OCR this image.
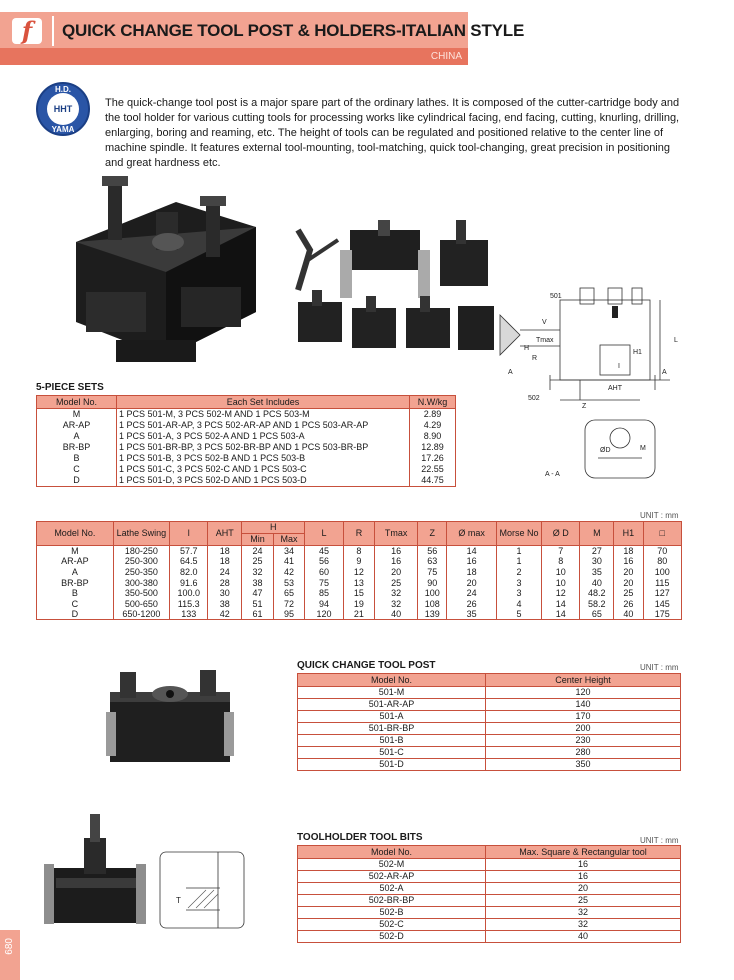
f	QUICK CHANGE TOOL POST & HOLDERS-ITALIAN STYLE
CHINA
H.D.
HHT
YAMA

The quick-change tool post is a major spare part of the ordinary lathes. It is composed of the cutter-cartridge body and the tool holder for various cutting tools for processing works like cylindrical facing, end facing, cutting, knurling, drilling, enlarging, boring and reaming, etc. The height of tools can be regulated and positioned relative to the center line of machine spindle. It features external tool-mounting, tool-matching, quick tool-changing, great precision in positioning and great hardness etc.

501
502
V
H
R
Tmax	L
H1
I
Z
A	A
AHT
A - A
ØD	M
5-PIECE SETS
Model No.	Each Set Includes	N.W/kg
M	1 PCS 501-M, 3 PCS 502-M AND 1 PCS 503-M	2.89
AR-AP	1 PCS 501-AR-AP, 3 PCS 502-AR-AP AND 1 PCS 503-AR-AP	4.29
A	1 PCS 501-A, 3 PCS 502-A AND 1 PCS 503-A	8.90
BR-BP	1 PCS 501-BR-BP, 3 PCS 502-BR-BP AND 1 PCS 503-BR-BP	12.89
B	1 PCS 501-B, 3 PCS 502-B AND 1 PCS 503-B	17.26
C	1 PCS 501-C, 3 PCS 502-C AND 1 PCS 503-C	22.55
D	1 PCS 501-D, 3 PCS 502-D AND 1 PCS 503-D	44.75
UNIT : mm
Model No.	Lathe Swing	l	AHT	H		L	R	Tmax	Z	Ø max	Morse No	Ø D	M	H1	□
				Min	Max										
M	180-250	57.7	18	24	34	45	8	16	56	14	1	7	27	18	70
AR-AP	250-300	64.5	18	25	41	56	9	16	63	16	1	8	30	16	80
A	250-350	82.0	24	32	42	60	12	20	75	18	2	10	35	20	100
BR-BP	300-380	91.6	28	38	53	75	13	25	90	20	3	10	40	20	115
B	350-500	100.0	30	47	65	85	15	32	100	24	3	12	48.2	25	127
C	500-650	115.3	38	51	72	94	19	32	108	26	4	14	58.2	26	145
D	650-1200	133	42	61	95	120	21	40	139	35	5	14	65	40	175
QUICK CHANGE TOOL POST	UNIT : mm
Model No.	Center Height
501-M	120
501-AR-AP	140
501-A	170
501-BR-BP	200
501-B	230
501-C	280
501-D	350
T
TOOLHOLDER TOOL BITS	UNIT : mm
Model No.	Max. Square & Rectangular tool
502-M	16
502-AR-AP	16
502-A	20
502-BR-BP	25
502-B	32
502-C	32
502-D	40
680
